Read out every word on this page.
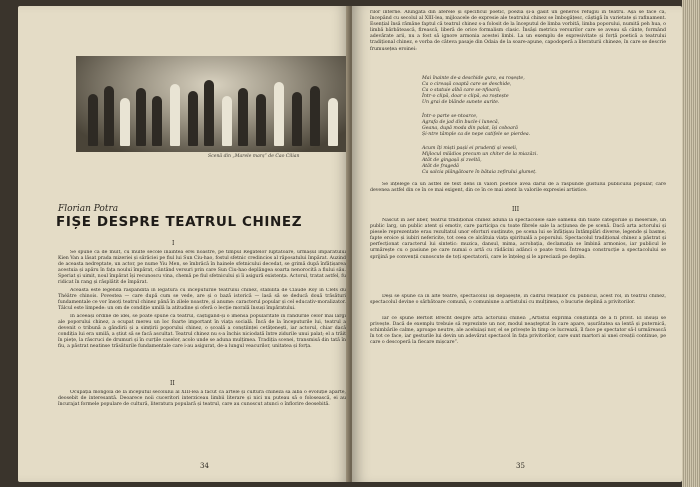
Scenă din „Marele marș” de Cao Cilian
Florian Potra
FIȘE DESPRE TEATRUL CHINEZ
I
Se spune că de mult, cu multe secole înaintea erei noastre, pe timpul Regatelor luptătoare, urmașul împăratului Kien Van a lăsat prada mizeriei și sărăciei pe fiul lui Sun Ciu-hao, fostul sfetnic credincios al răposatului împărat. Auzind de aceasta nedreptate, un actor, pe nume Yiu Men, se îmbrăcă în hainele sfetnicului decedat, se grimă după înfățișarea acestuia și apăru în fața noului împărat, cântând versuri prin care Sun Ciu-hao deplângea soarta nenorocită a fiului său. Speriat și uimit, noul împărat își recunoscu vina, chemă pe fiul sfetnicului și îi asigură existența. Actorul, tratat astfel, fu ridicat în rang și răsplătit de împărat.
Aceasta este legenda răspândită în legătură cu începuturile teatrului chinez, stabilită de Claude Roy în Clefs du Théâtre chinois. Povestea — care după cum se vede, are și o bază istorică — lasă să se deducă două trăsături fundamentale ce vor însoți teatrul chinez până în zilele noastre, și anume: caracterul popular și cel educativ-moralizator. Tâlcul este limpede: un om de condiție umilă la atitudine și oferă o lecție morală însuși împăratului.
În aceeași ordine de idei, se poate spune că teatrul, câștigând-și o imensă popularitate în rândurile celor mai largi ale poporului chinez, a ocupat mereu un loc foarte important în viața socială. Încă de la începuturile lui, teatrul a devenit o tribună a gândirii și a simțirii poporului chinez, o școală a conștiinței cetățenești, iar actorul, chiar dacă condiția lui era umilă, a știut să se facă ascultat. Teatrul chinez nu s-a închis niciodată între zidurile unui palat; el a trăit în piețe, la răscruci de drumuri și în curțile caselor, acolo unde se aduna mulțimea. Tradiția scenei, transmisă din tată în fiu, a păstrat neatinse trăsăturile fundamentale care i-au asigurat, de-a lungul veacurilor, unitatea și forța.
II
Ocupația mongolă de la începutul secolului al XIII-lea a făcut ca artele și cultura chineză să aibă o evoluție aparte, deosebit de interesantă. Deoarece noii cuceritori interziceau limbii literare și nici nu puteau să o folosească, ei au încurajat formele populare de cultură, literatura populară și teatrul, care au cunoscut atunci o înflorire deosebită.
34
rilor interne. Alungată din aferele și specificul poetic, poezia și-a găsit un generos refugiu în teatru. Așa se face că, începând cu secolul al XIII-lea, mijloacele de expresie ale teatrului chinez se îmbogățesc, câștigă în varietate și rafinament. Esențial însă rămâne faptul că teatrul chinez s-a folosit de la începutul de limba vorbită, limba poporului, numită peh hua, o limbă bărbătească, firească, liberă de orice formalism clasic. Însăși metrica versurilor care se aveau să cânte, formând adevărate arii, nu a fost să ignore armonia acestei limbi. La un exemplu de expresivitate și forță poetică a teatrului tradițional chinez, e vorba de câteva pasaje din Odaia de la soare-apune, capodoperă a literaturii chineze, în care se descrie frumusețea eroinei:
Mai înainte de-a deschide gura, ea roșește,
Ca o cireașă coaptă care se deschide,
Ca o statuie albă care se-nfioară;
Într-o clipă, doar o clipă, ea roștește
Un grai de blânde sunete aurite.
Într-o parte se-ntoarce,
Agrafa de jad din bucle-i lunecă,
Geana, după moda din palat, își coboară
Și-ntre tâmple ca de nepe catifele se pierdea.
Acum îți miști pașii ei prudenți și veseli,
Mijlocul mlădios precum un chiter de la miazăzi.
Atât de gingașă și zveltă,
Atât de fragedă
Ca salcia plângătoare în bătaia zefirului glumeț.
Se înțelege că un astfel de text dens în valori poetice avea darul de a răspunde gustului publicului popular, care devenea astfel din ce în ce mai exigent, din ce în ce mai atent la valorile expresiei artistice.
III
Născut în aer liber, teatrul tradițional chinez aduna la spectacolele sale oamenii din toate categoriile și meseriile, un public larg, un public atent și emotiv, care participa cu toate fibrele sale la acțiunea de pe scenă. Dacă arta actorului și piesele reprezentate erau rezultatul unor eforturi susținute, pe scena lui se înfățișau întâmplări diverse, legende și basme, fapte eroice și iubiri nefericite, tot ceea ce alcătuia viața spirituală a poporului. Spectacolul tradițional chinez a păstrat și perfecționat caracterul lui sintetic: muzica, dansul, mima, acrobația, declamația se îmbină armonios, iar publicul le urmărește cu o pasiune pe care numai o artă cu rădăcini adânci o poate trezi. Întreaga construcție a spectacolului se sprijină pe convenții cunoscute de toți spectatorii, care le înțeleg și le apreciază pe deplin.
Deși se spune că în alte teatre, spectacolul își depășește, în cadrul relațiilor cu publicul, acest rol, în teatrul chinez, spectacolul devine o sărbătoare comună, o comuniune a artistului cu mulțimea, o bucurie deplină a privitorilor.
Iar ce spune Bertolt Brecht despre arta actorului chinez: „Artistul exprimă conștiința de a fi privit. El însuși se privește. Dacă de exemplu trebuie să reprezinte un nor, modul neașteptat în care apare, ușurătatea sa lentă și puternică, schimbările calme, aproape neutre, ale aceluiași nor, el se privește în timp ce lucrează, îl face pe spectator să-l urmărească în tot ce face, iar gesturile lui devin un adevărat spectacol în fața privitorilor, care sunt martori ai unei creații continue, pe care o descoperă la fiecare mișcare”.
35
